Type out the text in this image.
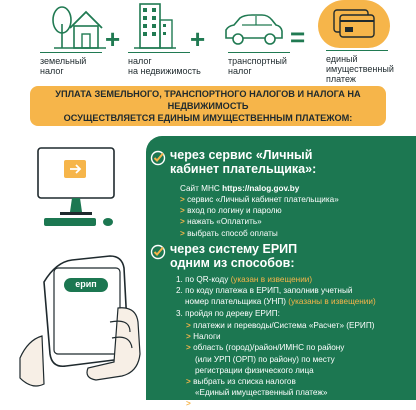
земельный
налог
+
налог
на недвижимость
+
транспортный
налог
=
единый
имущественный
платеж
УПЛАТА ЗЕМЕЛЬНОГО, ТРАНСПОРТНОГО НАЛОГОВ И НАЛОГА НА НЕДВИЖИМОСТЬ
ОСУЩЕСТВЛЯЕТСЯ ЕДИНЫМ ИМУЩЕСТВЕННЫМ ПЛАТЕЖОМ:
ерип
через сервис «Личный
кабинет плательщика»:
Сайт МНС https://nalog.gov.by
> сервис «Личный кабинет плательщика»
> вход по логину и паролю
> нажать «Оплатить»
> выбрать способ оплаты
через систему ЕРИП
одним из способов:
1. по QR-коду (указан в извещении)
2. по коду платежа в ЕРИП, заполнив учетный
номер плательщика (УНП) (указаны в извещении)
3. пройдя по дереву ЕРИП:
> платежи и переводы/Система «Расчет» (ЕРИП)
> Налоги
> область (город)/район/ИМНС по району
(или УРП (ОРП) по району) по месту
регистрации физического лица
> выбрать из списка налогов
«Единый имущественный платеж»
> ввести учетный номер плательщика (УНП)
